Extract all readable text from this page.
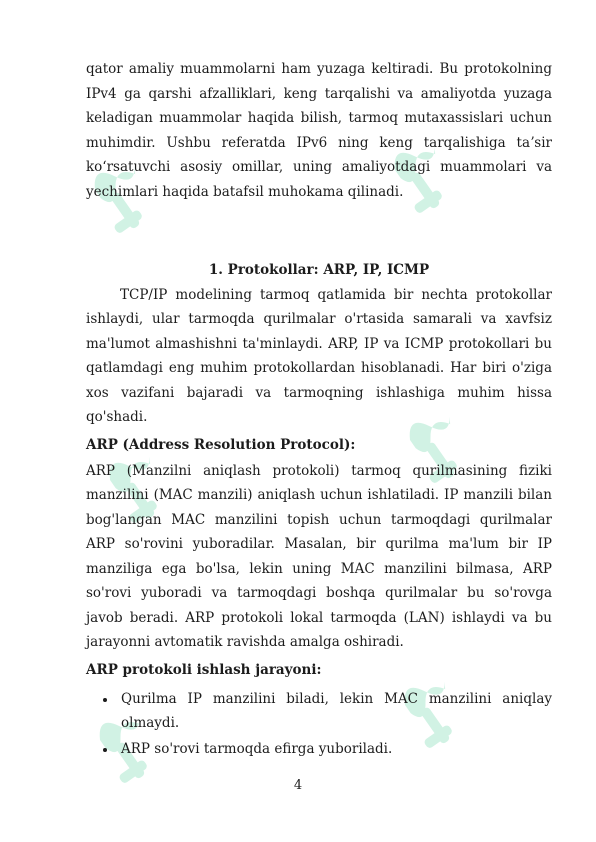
qator amaliy muammolarni ham yuzaga keltiradi. Bu protokolning IPv4 ga qarshi afzalliklari, keng tarqalishi va amaliyotda yuzaga keladigan muammolar haqida bilish, tarmoq mutaxassislari uchun muhimdir. Ushbu referatda IPv6 ning keng tarqalishiga taʼsir koʻrsatuvchi asosiy omillar, uning amaliyotdagi muammolari va yechimlari haqida batafsil muhokama qilinadi.

1. Protokollar: ARP, IP, ICMP

TCP/IP modelining tarmoq qatlamida bir nechta protokollar ishlaydi, ular tarmoqda qurilmalar o'rtasida samarali va xavfsiz ma'lumot almashishni ta'minlaydi. ARP, IP va ICMP protokollari bu qatlamdagi eng muhim protokollardan hisoblanadi. Har biri o'ziga xos vazifani bajaradi va tarmoqning ishlashiga muhim hissa qo'shadi.

ARP (Address Resolution Protocol):

ARP (Manzilni aniqlash protokoli) tarmoq qurilmasining fiziki manzilini (MAC manzili) aniqlash uchun ishlatiladi. IP manzili bilan bog'langan MAC manzilini topish uchun tarmoqdagi qurilmalar ARP so'rovini yuboradilar. Masalan, bir qurilma ma'lum bir IP manziliga ega bo'lsa, lekin uning MAC manzilini bilmasa, ARP so'rovi yuboradi va tarmoqdagi boshqa qurilmalar bu so'rovga javob beradi. ARP protokoli lokal tarmoqda (LAN) ishlaydi va bu jarayonni avtomatik ravishda amalga oshiradi.

ARP protokoli ishlash jarayoni:

Qurilma IP manzilini biladi, lekin MAC manzilini aniqlay olmaydi.
ARP so'rovi tarmoqda efirga yuboriladi.
4
